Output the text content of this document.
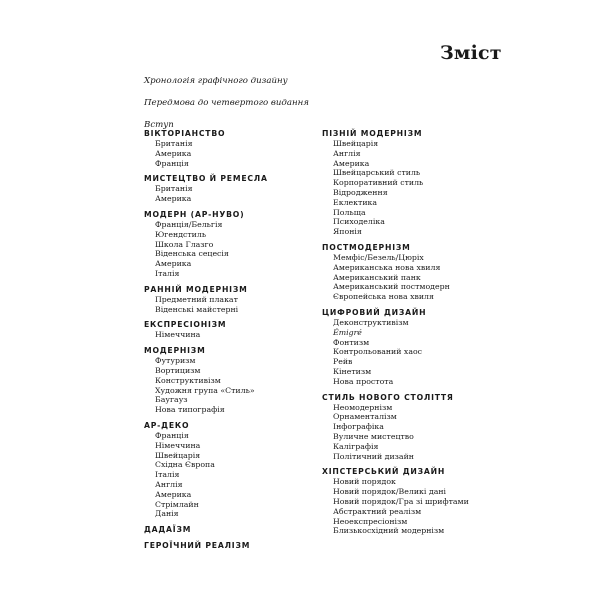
Зміст
Хронологія графічного дизайну
Передмова до четвертого видання
Вступ
ВІКТОРІАНСТВО
Британія
Америка
Франція
МИСТЕЦТВО Й РЕМЕСЛА
Британія
Америка
МОДЕРН (АР-НУВО)
Франція/Бельгія
Югендстиль
Школа Глазго
Віденська сецесія
Америка
Італія
РАННІЙ МОДЕРНІЗМ
Предметний плакат
Віденські майстерні
ЕКСПРЕСІОНІЗМ
Німеччина
МОДЕРНІЗМ
Футуризм
Вортицизм
Конструктивізм
Художня група «Стиль»
Баугауз
Нова типографія
АР-ДЕКО
Франція
Німеччина
Швейцарія
Східна Європа
Італія
Англія
Америка
Стрімлайн
Данія
ДАДАЇЗМ
ГЕРОЇЧНИЙ РЕАЛІЗМ
ПІЗНІЙ МОДЕРНІЗМ
Швейцарія
Англія
Америка
Швейцарський стиль
Корпоративний стиль
Відродження
Еклектика
Польща
Психоделіка
Японія
ПОСТМОДЕРНІЗМ
Мемфіс/Безель/Цюріх
Американська нова хвиля
Американський панк
Американський постмодерн
Європейська нова хвиля
ЦИФРОВИЙ ДИЗАЙН
Деконструктивізм
Émigré
Фонтизм
Контрольований хаос
Рейв
Кінетизм
Нова простота
СТИЛЬ НОВОГО СТОЛІТТЯ
Неомодернізм
Орнаменталізм
Інфографіка
Вуличне мистецтво
Каліграфія
Політичний дизайн
ХІПСТЕРСЬКИЙ ДИЗАЙН
Новий порядок
Новий порядок/Великі дані
Новий порядок/Гра зі шрифтами
Абстрактний реалізм
Неоекспресіонізм
Близькосхідний модернізм
